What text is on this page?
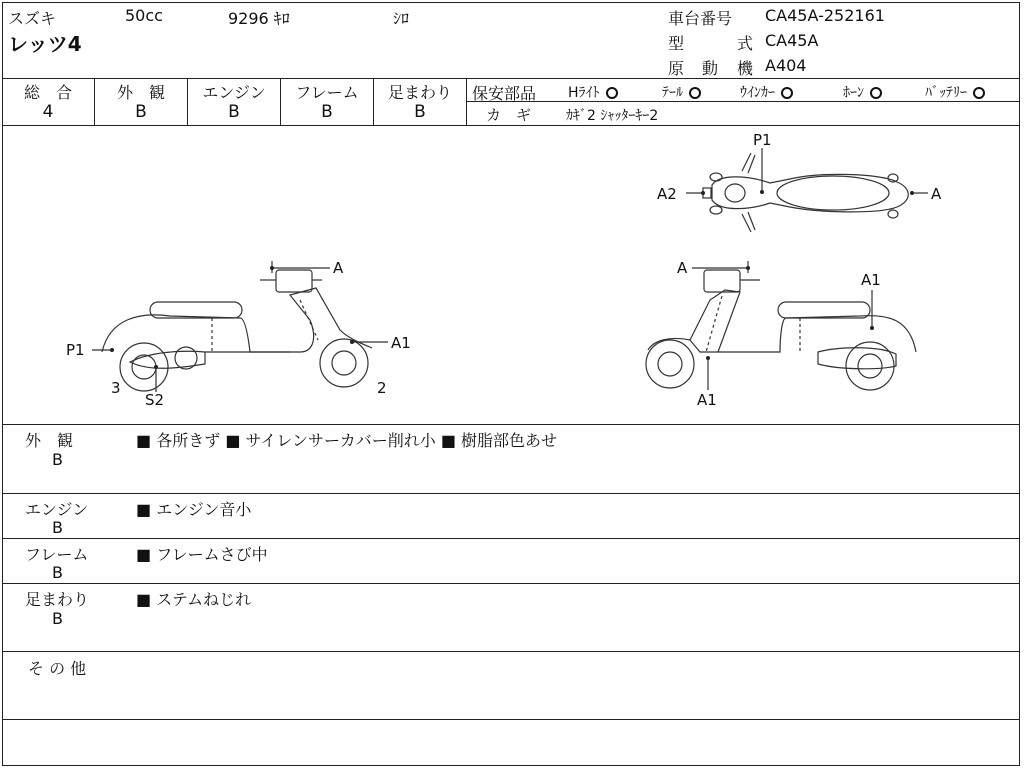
スズキ	50cc	9296 ｷﾛ	ｼﾛ
レッツ4
車台番号 CA45A-252161
型	式 CA45A
原 動 機 A404
総　合
4
外　観
B
エンジン
B
フレーム
B
足まわり
B
保安部品 Hﾗｲﾄ	ﾃｰﾙ	ｳｲﾝｶｰ	ﾎｰﾝ	ﾊﾞｯﾃﾘｰ
カ　ギ ｶｷﾞ2 ｼｬｯﾀｰｷｰ2
P1
A2	A
A
P1	A1
3
S2
2
A
A1
A1
外　観
B
■ 各所きず ■ サイレンサーカバー削れ小 ■ 樹脂部色あせ
エンジン
B
■ エンジン音小
フレーム
B
■ フレームさび中
足まわり
B
■ ステムねじれ
そ の 他
